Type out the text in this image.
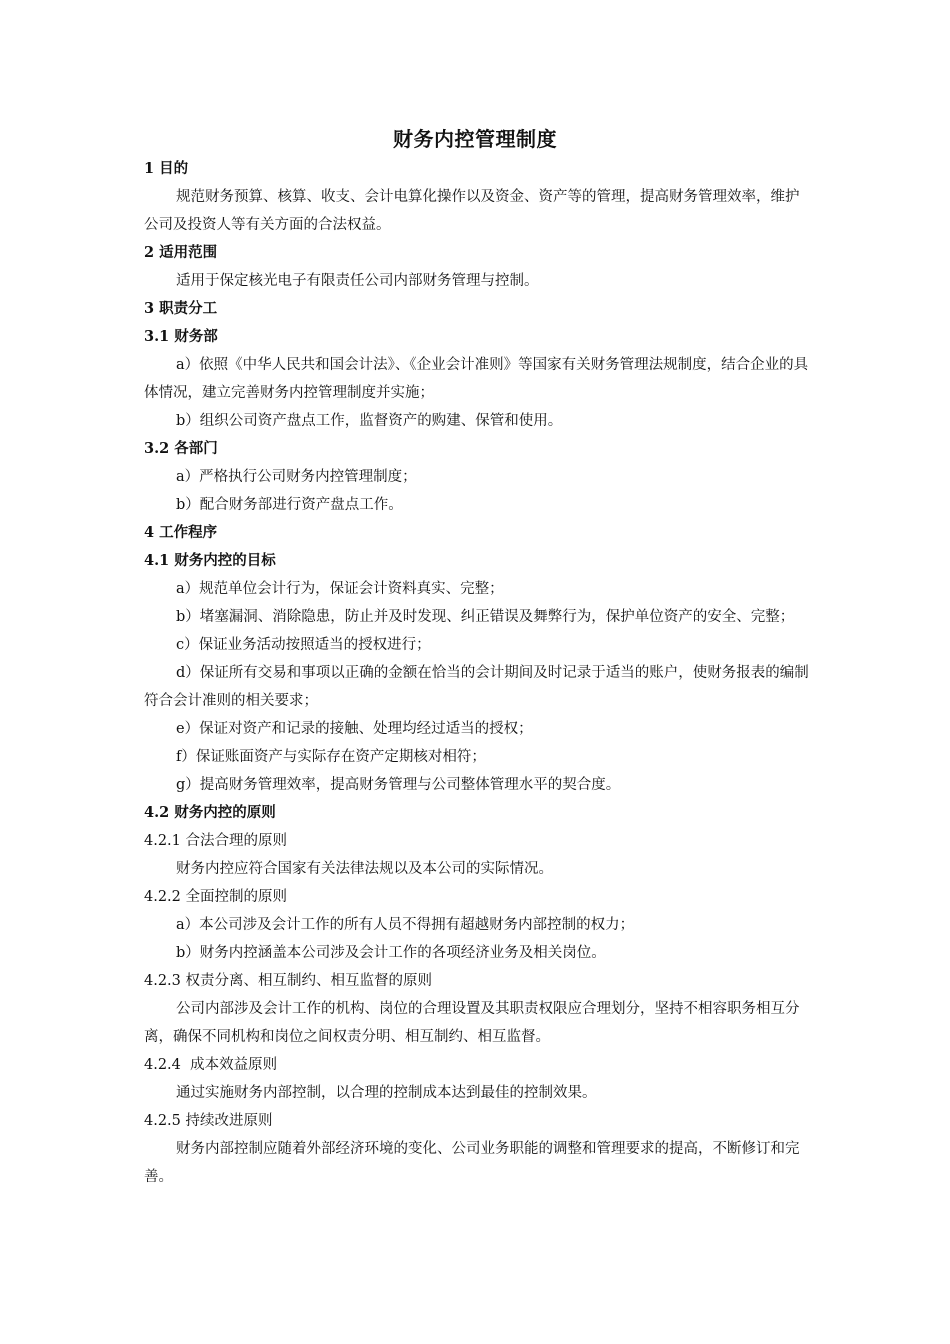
财务内控管理制度
1 目的
规范财务预算、核算、收支、会计电算化操作以及资金、资产等的管理，提高财务管理效率，维护公司及投资人等有关方面的合法权益。
2 适用范围
适用于保定核光电子有限责任公司内部财务管理与控制。
3 职责分工
3.1 财务部
a）依照《中华人民共和国会计法》、《企业会计准则》等国家有关财务管理法规制度，结合企业的具体情况，建立完善财务内控管理制度并实施；
b）组织公司资产盘点工作，监督资产的购建、保管和使用。
3.2 各部门
a）严格执行公司财务内控管理制度；
b）配合财务部进行资产盘点工作。
4 工作程序
4.1 财务内控的目标
a）规范单位会计行为，保证会计资料真实、完整；
b）堵塞漏洞、消除隐患，防止并及时发现、纠正错误及舞弊行为，保护单位资产的安全、完整；
c）保证业务活动按照适当的授权进行；
d）保证所有交易和事项以正确的金额在恰当的会计期间及时记录于适当的账户，使财务报表的编制符合会计准则的相关要求；
e）保证对资产和记录的接触、处理均经过适当的授权；
f）保证账面资产与实际存在资产定期核对相符；
g）提高财务管理效率，提高财务管理与公司整体管理水平的契合度。
4.2 财务内控的原则
4.2.1 合法合理的原则
财务内控应符合国家有关法律法规以及本公司的实际情况。
4.2.2 全面控制的原则
a）本公司涉及会计工作的所有人员不得拥有超越财务内部控制的权力；
b）财务内控涵盖本公司涉及会计工作的各项经济业务及相关岗位。
4.2.3 权责分离、相互制约、相互监督的原则
公司内部涉及会计工作的机构、岗位的合理设置及其职责权限应合理划分，坚持不相容职务相互分离，确保不同机构和岗位之间权责分明、相互制约、相互监督。
4.2.4  成本效益原则
通过实施财务内部控制，以合理的控制成本达到最佳的控制效果。
4.2.5 持续改进原则
财务内部控制应随着外部经济环境的变化、公司业务职能的调整和管理要求的提高，不断修订和完善。
